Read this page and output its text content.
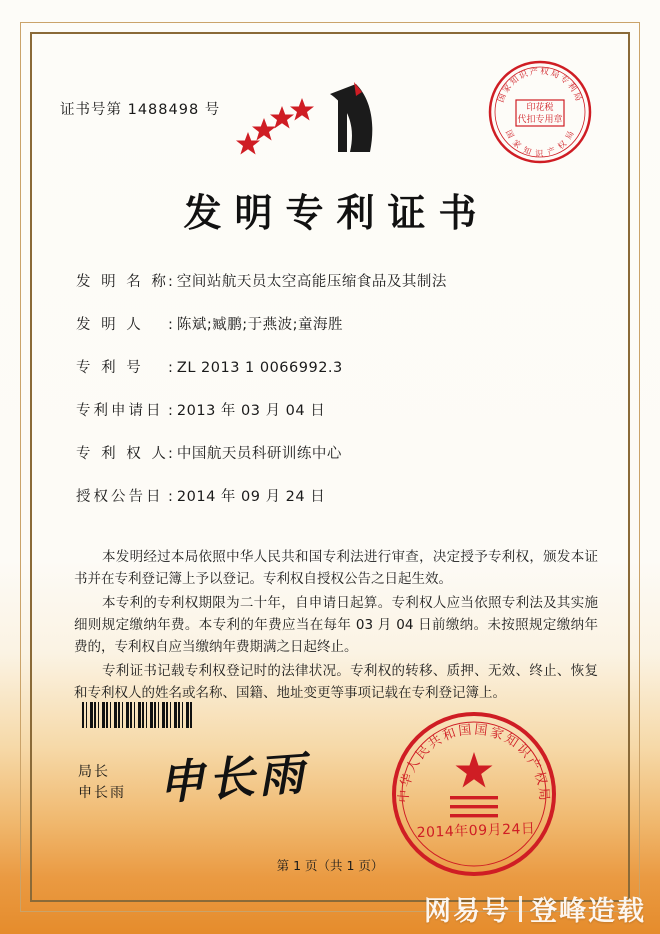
证书号第 1488498 号
国家知识产权局专利局
国 家 知 识 产 权 局
印花税
代扣专用章
发明专利证书
发 明 名 称 : 空间站航天员太空高能压缩食品及其制法
发 明 人	: 陈斌;臧鹏;于燕波;童海胜
专 利 号	: ZL 2013 1 0066992.3
专利申请日 : 2013 年 03 月 04 日
专 利 权 人 : 中国航天员科研训练中心
授权公告日 : 2014 年 09 月 24 日

本发明经过本局依照中华人民共和国专利法进行审查，决定授予专利权，颁发本证书并在专利登记簿上予以登记。专利权自授权公告之日起生效。

本专利的专利权期限为二十年，自申请日起算。专利权人应当依照专利法及其实施细则规定缴纳年费。本专利的年费应当在每年 03 月 04 日前缴纳。未按照规定缴纳年费的，专利权自应当缴纳年费期满之日起终止。

专利证书记载专利权登记时的法律状况。专利权的转移、质押、无效、终止、恢复和专利权人的姓名或名称、国籍、地址变更等事项记载在专利登记簿上。

局长
申长雨 申长雨	中华人民共和国国家知识产权局
2014年09月24日
第 1 页（共 1 页）
网易号 登峰造载
